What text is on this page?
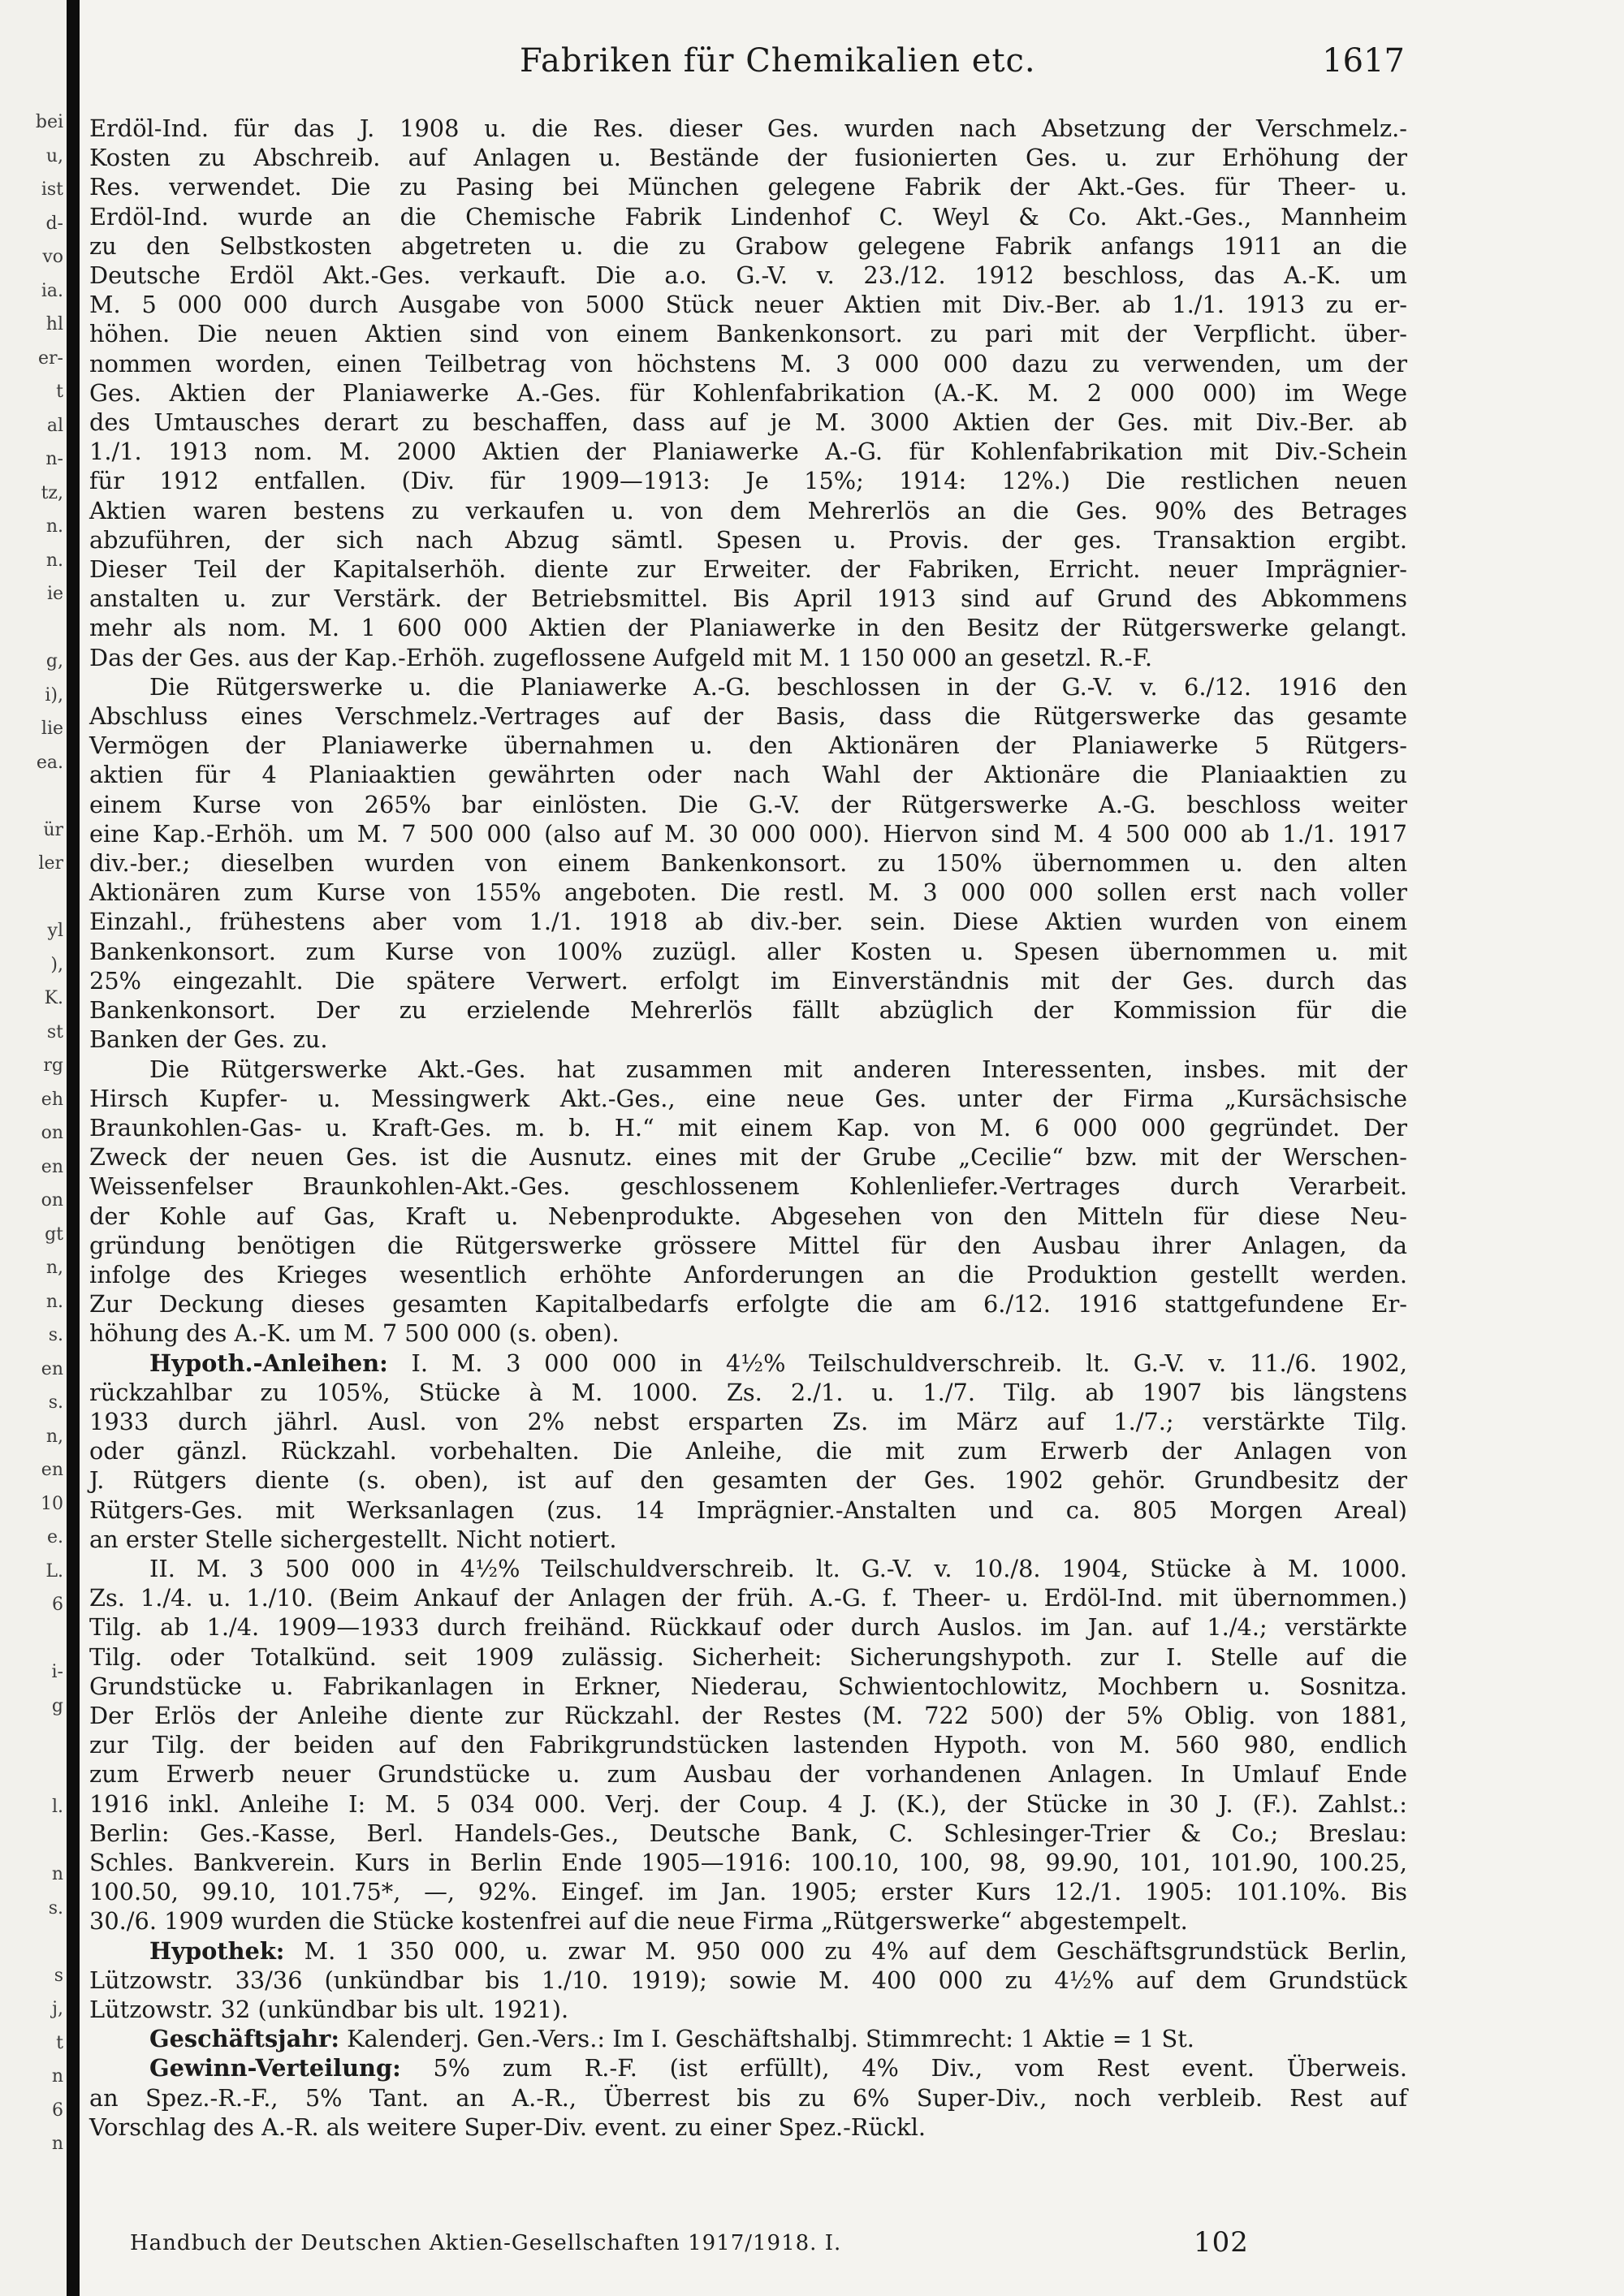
bei
u,
ist
d-
vo
ia.
hl
er-
t
al
n-
tz,
n.
n.
ie

g,
i),
lie
ea.

ür
ler

yl
),
K.
st
rg
eh
on
en
on
gt
n,
n.
s.
en
s.
n,
en
10
e.
L.
6

i-
g

l.

n
s.

s
j,
t
n
6
n

Fabriken für Chemikalien etc.	1617
Erdöl-Ind. für das J. 1908 u. die Res. dieser Ges. wurden nach Absetzung der Verschmelz.-
Kosten zu Abschreib. auf Anlagen u. Bestände der fusionierten Ges. u. zur Erhöhung der
Res. verwendet. Die zu Pasing bei München gelegene Fabrik der Akt.-Ges. für Theer- u.
Erdöl-Ind. wurde an die Chemische Fabrik Lindenhof C. Weyl & Co. Akt.-Ges., Mannheim
zu den Selbstkosten abgetreten u. die zu Grabow gelegene Fabrik anfangs 1911 an die
Deutsche Erdöl Akt.-Ges. verkauft. Die a.o. G.-V. v. 23./12. 1912 beschloss, das A.-K. um
M. 5 000 000 durch Ausgabe von 5000 Stück neuer Aktien mit Div.-Ber. ab 1./1. 1913 zu er-
höhen. Die neuen Aktien sind von einem Bankenkonsort. zu pari mit der Verpflicht. über-
nommen worden, einen Teilbetrag von höchstens M. 3 000 000 dazu zu verwenden, um der
Ges. Aktien der Planiawerke A.-Ges. für Kohlenfabrikation (A.-K. M. 2 000 000) im Wege
des Umtausches derart zu beschaffen, dass auf je M. 3000 Aktien der Ges. mit Div.-Ber. ab
1./1. 1913 nom. M. 2000 Aktien der Planiawerke A.-G. für Kohlenfabrikation mit Div.-Schein
für 1912 entfallen. (Div. für 1909—1913: Je 15%; 1914: 12%.) Die restlichen neuen
Aktien waren bestens zu verkaufen u. von dem Mehrerlös an die Ges. 90% des Betrages
abzuführen, der sich nach Abzug sämtl. Spesen u. Provis. der ges. Transaktion ergibt.
Dieser Teil der Kapitalserhöh. diente zur Erweiter. der Fabriken, Erricht. neuer Imprägnier-
anstalten u. zur Verstärk. der Betriebsmittel. Bis April 1913 sind auf Grund des Abkommens
mehr als nom. M. 1 600 000 Aktien der Planiawerke in den Besitz der Rütgerswerke gelangt.
Das der Ges. aus der Kap.-Erhöh. zugeflossene Aufgeld mit M. 1 150 000 an gesetzl. R.-F.
Die Rütgerswerke u. die Planiawerke A.-G. beschlossen in der G.-V. v. 6./12. 1916 den
Abschluss eines Verschmelz.-Vertrages auf der Basis, dass die Rütgerswerke das gesamte
Vermögen der Planiawerke übernahmen u. den Aktionären der Planiawerke 5 Rütgers-
aktien für 4 Planiaaktien gewährten oder nach Wahl der Aktionäre die Planiaaktien zu
einem Kurse von 265% bar einlösten. Die G.-V. der Rütgerswerke A.-G. beschloss weiter
eine Kap.-Erhöh. um M. 7 500 000 (also auf M. 30 000 000). Hiervon sind M. 4 500 000 ab 1./1. 1917
div.-ber.; dieselben wurden von einem Bankenkonsort. zu 150% übernommen u. den alten
Aktionären zum Kurse von 155% angeboten. Die restl. M. 3 000 000 sollen erst nach voller
Einzahl., frühestens aber vom 1./1. 1918 ab div.-ber. sein. Diese Aktien wurden von einem
Bankenkonsort. zum Kurse von 100% zuzügl. aller Kosten u. Spesen übernommen u. mit
25% eingezahlt. Die spätere Verwert. erfolgt im Einverständnis mit der Ges. durch das
Bankenkonsort. Der zu erzielende Mehrerlös fällt abzüglich der Kommission für die
Banken der Ges. zu.
Die Rütgerswerke Akt.-Ges. hat zusammen mit anderen Interessenten, insbes. mit der
Hirsch Kupfer- u. Messingwerk Akt.-Ges., eine neue Ges. unter der Firma „Kursächsische
Braunkohlen-Gas- u. Kraft-Ges. m. b. H.“ mit einem Kap. von M. 6 000 000 gegründet. Der
Zweck der neuen Ges. ist die Ausnutz. eines mit der Grube „Cecilie“ bzw. mit der Werschen-
Weissenfelser Braunkohlen-Akt.-Ges. geschlossenem Kohlenliefer.-Vertrages durch Verarbeit.
der Kohle auf Gas, Kraft u. Nebenprodukte. Abgesehen von den Mitteln für diese Neu-
gründung benötigen die Rütgerswerke grössere Mittel für den Ausbau ihrer Anlagen, da
infolge des Krieges wesentlich erhöhte Anforderungen an die Produktion gestellt werden.
Zur Deckung dieses gesamten Kapitalbedarfs erfolgte die am 6./12. 1916 stattgefundene Er-
höhung des A.-K. um M. 7 500 000 (s. oben).
Hypoth.-Anleihen: I. M. 3 000 000 in 4½% Teilschuldverschreib. lt. G.-V. v. 11./6. 1902,
rückzahlbar zu 105%, Stücke à M. 1000. Zs. 2./1. u. 1./7. Tilg. ab 1907 bis längstens
1933 durch jährl. Ausl. von 2% nebst ersparten Zs. im März auf 1./7.; verstärkte Tilg.
oder gänzl. Rückzahl. vorbehalten. Die Anleihe, die mit zum Erwerb der Anlagen von
J. Rütgers diente (s. oben), ist auf den gesamten der Ges. 1902 gehör. Grundbesitz der
Rütgers-Ges. mit Werksanlagen (zus. 14 Imprägnier.-Anstalten und ca. 805 Morgen Areal)
an erster Stelle sichergestellt. Nicht notiert.
II. M. 3 500 000 in 4½% Teilschuldverschreib. lt. G.-V. v. 10./8. 1904, Stücke à M. 1000.
Zs. 1./4. u. 1./10. (Beim Ankauf der Anlagen der früh. A.-G. f. Theer- u. Erdöl-Ind. mit übernommen.)
Tilg. ab 1./4. 1909—1933 durch freihänd. Rückkauf oder durch Auslos. im Jan. auf 1./4.; verstärkte
Tilg. oder Totalkünd. seit 1909 zulässig. Sicherheit: Sicherungshypoth. zur I. Stelle auf die
Grundstücke u. Fabrikanlagen in Erkner, Niederau, Schwientochlowitz, Mochbern u. Sosnitza.
Der Erlös der Anleihe diente zur Rückzahl. der Restes (M. 722 500) der 5% Oblig. von 1881,
zur Tilg. der beiden auf den Fabrikgrundstücken lastenden Hypoth. von M. 560 980, endlich
zum Erwerb neuer Grundstücke u. zum Ausbau der vorhandenen Anlagen. In Umlauf Ende
1916 inkl. Anleihe I: M. 5 034 000. Verj. der Coup. 4 J. (K.), der Stücke in 30 J. (F.). Zahlst.:
Berlin: Ges.-Kasse, Berl. Handels-Ges., Deutsche Bank, C. Schlesinger-Trier & Co.; Breslau:
Schles. Bankverein. Kurs in Berlin Ende 1905—1916: 100.10, 100, 98, 99.90, 101, 101.90, 100.25,
100.50, 99.10, 101.75*, —, 92%. Eingef. im Jan. 1905; erster Kurs 12./1. 1905: 101.10%. Bis
30./6. 1909 wurden die Stücke kostenfrei auf die neue Firma „Rütgerswerke“ abgestempelt.
Hypothek: M. 1 350 000, u. zwar M. 950 000 zu 4% auf dem Geschäftsgrundstück Berlin,
Lützowstr. 33/36 (unkündbar bis 1./10. 1919); sowie M. 400 000 zu 4½% auf dem Grundstück
Lützowstr. 32 (unkündbar bis ult. 1921).
Geschäftsjahr: Kalenderj. Gen.-Vers.: Im I. Geschäftshalbj. Stimmrecht: 1 Aktie = 1 St.
Gewinn-Verteilung: 5% zum R.-F. (ist erfüllt), 4% Div., vom Rest event. Überweis.
an Spez.-R.-F., 5% Tant. an A.-R., Überrest bis zu 6% Super-Div., noch verbleib. Rest auf
Vorschlag des A.-R. als weitere Super-Div. event. zu einer Spez.-Rückl.
Handbuch der Deutschen Aktien-Gesellschaften 1917/1918. I.	102
